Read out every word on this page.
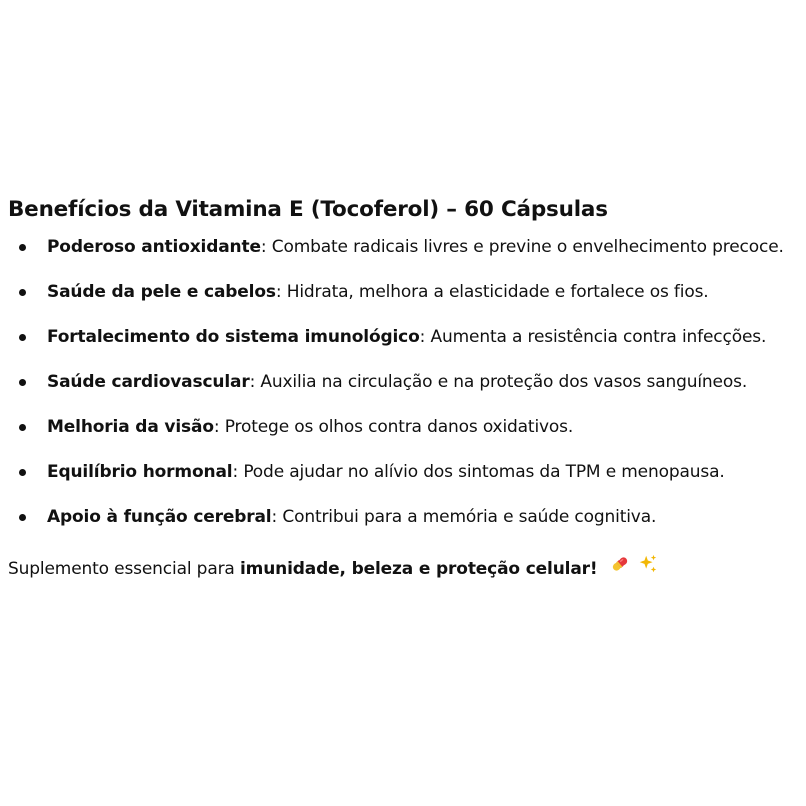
Benefícios da Vitamina E (Tocoferol) – 60 Cápsulas
Poderoso antioxidante: Combate radicais livres e previne o envelhecimento precoce.
Saúde da pele e cabelos: Hidrata, melhora a elasticidade e fortalece os fios.
Fortalecimento do sistema imunológico: Aumenta a resistência contra infecções.
Saúde cardiovascular: Auxilia na circulação e na proteção dos vasos sanguíneos.
Melhoria da visão: Protege os olhos contra danos oxidativos.
Equilíbrio hormonal: Pode ajudar no alívio dos sintomas da TPM e menopausa.
Apoio à função cerebral: Contribui para a memória e saúde cognitiva.

Suplemento essencial para imunidade, beleza e proteção celular!
